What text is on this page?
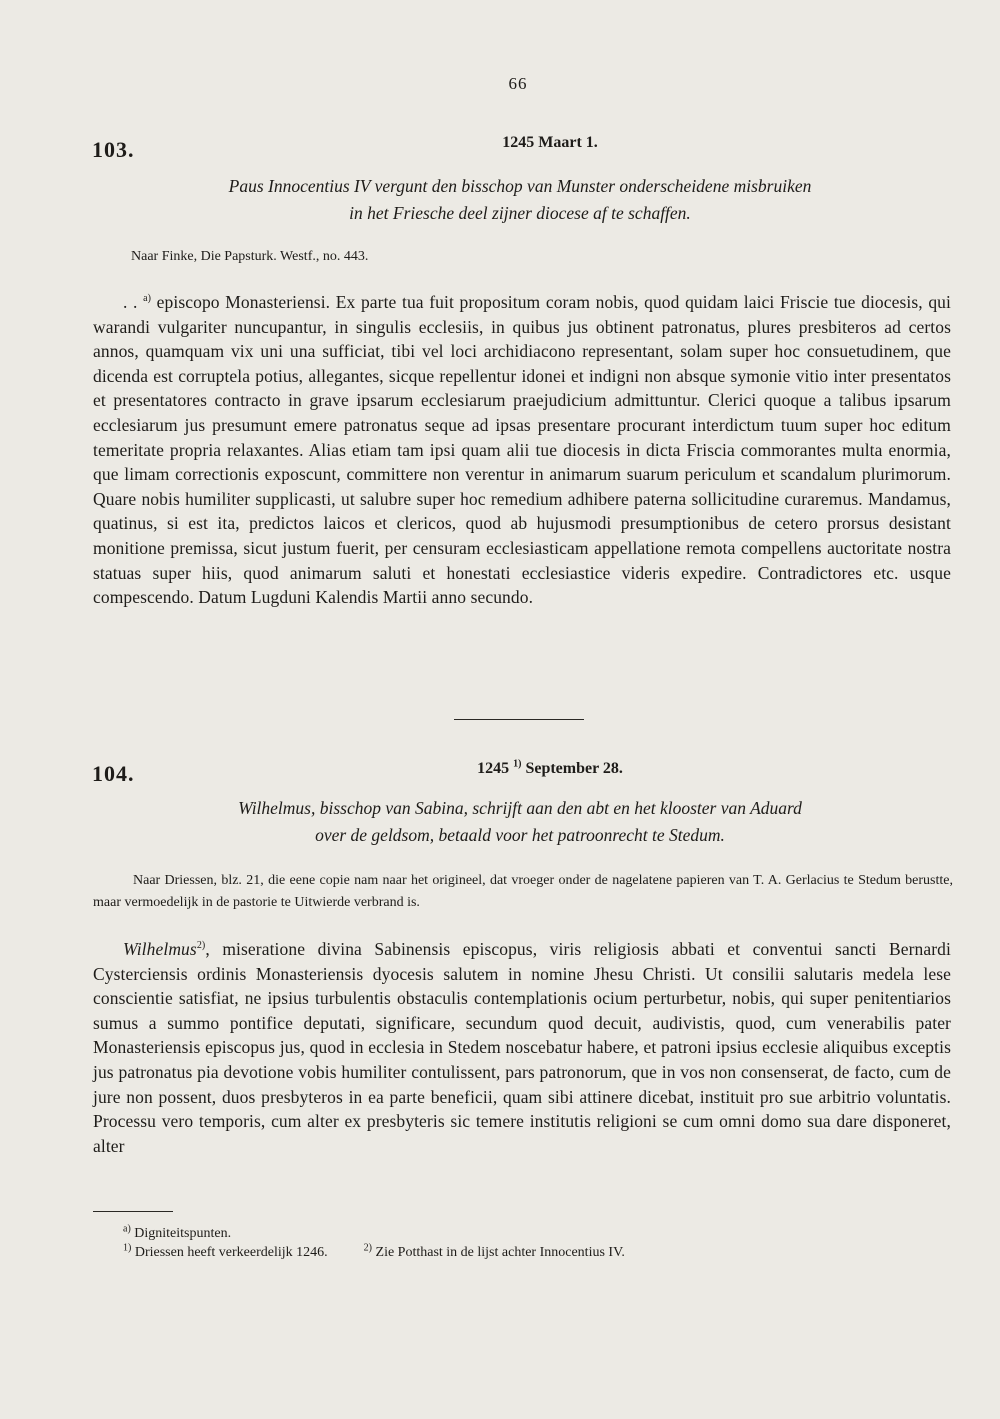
66
103.	1245 Maart 1.
Paus Innocentius IV vergunt den bisschop van Munster onderscheidene misbruiken
in het Friesche deel zijner diocese af te schaffen.
Naar Finke, Die Papsturk. Westf., no. 443.
. . $^{a)}$ episcopo Monasteriensi. Ex parte tua fuit propositum coram nobis, quod quidam laici Friscie tue diocesis, qui warandi vulgariter nuncupantur, in singulis ecclesiis, in quibus jus obtinent patronatus, plures presbiteros ad certos annos, quamquam vix uni una sufficiat, tibi vel loci archidiacono representant, solam super hoc consuetudinem, que dicenda est corruptela potius, allegantes, sicque repellentur idonei et indigni non absque symonie vitio inter presentatos et presentatores contracto in grave ipsarum ecclesiarum praejudicium admittuntur. Clerici quoque a talibus ipsarum ecclesiarum jus presumunt emere patronatus seque ad ipsas presentare procurant interdictum tuum super hoc editum temeritate propria relaxantes. Alias etiam tam ipsi quam alii tue diocesis in dicta Friscia commorantes multa enormia, que limam correctionis exposcunt, committere non verentur in animarum suarum periculum et scandalum plurimorum. Quare nobis humiliter supplicasti, ut salubre super hoc remedium adhibere paterna sollicitudine curaremus. Mandamus, quatinus, si est ita, predictos laicos et clericos, quod ab hujusmodi presumptionibus de cetero prorsus desistant monitione premissa, sicut justum fuerit, per censuram ecclesiasticam appellatione remota compellens auctoritate nostra statuas super hiis, quod animarum saluti et honestati ecclesiastice videris expedire. Contradictores etc. usque compescendo. Datum Lugduni Kalendis Martii anno secundo.
104.	1245 $^{1)}$ September 28.
Wilhelmus, bisschop van Sabina, schrijft aan den abt en het klooster van Aduard
over de geldsom, betaald voor het patroonrecht te Stedum.
Naar Driessen, blz. 21, die eene copie nam naar het origineel, dat vroeger onder de nagelatene papieren van T. A. Gerlacius te Stedum berustte, maar vermoedelijk in de pastorie te Uitwierde verbrand is.
Wilhelmus$^{2)}$, miseratione divina Sabinensis episcopus, viris religiosis abbati et conventui sancti Bernardi Cysterciensis ordinis Monasteriensis dyocesis salutem in nomine Jhesu Christi. Ut consilii salutaris medela lese conscientie satisfiat, ne ipsius turbulentis obstaculis contemplationis ocium perturbetur, nobis, qui super penitentiarios sumus a summo pontifice deputati, significare, secundum quod decuit, audivistis, quod, cum venerabilis pater Monasteriensis episcopus jus, quod in ecclesia in Stedem noscebatur habere, et patroni ipsius ecclesie aliquibus exceptis jus patronatus pia devotione vobis humiliter contulissent, pars patronorum, que in vos non consenserat, de facto, cum de jure non possent, duos presbyteros in ea parte beneficii, quam sibi attinere dicebat, instituit pro sue arbitrio voluntatis. Processu vero temporis, cum alter ex presbyteris sic temere institutis religioni se cum omni domo sua dare disponeret, alter
$^{a)}$ Digniteitspunten.
$^{1)}$ Driessen heeft verkeerdelijk 1246.	$^{2)}$ Zie Potthast in de lijst achter Innocentius IV.
